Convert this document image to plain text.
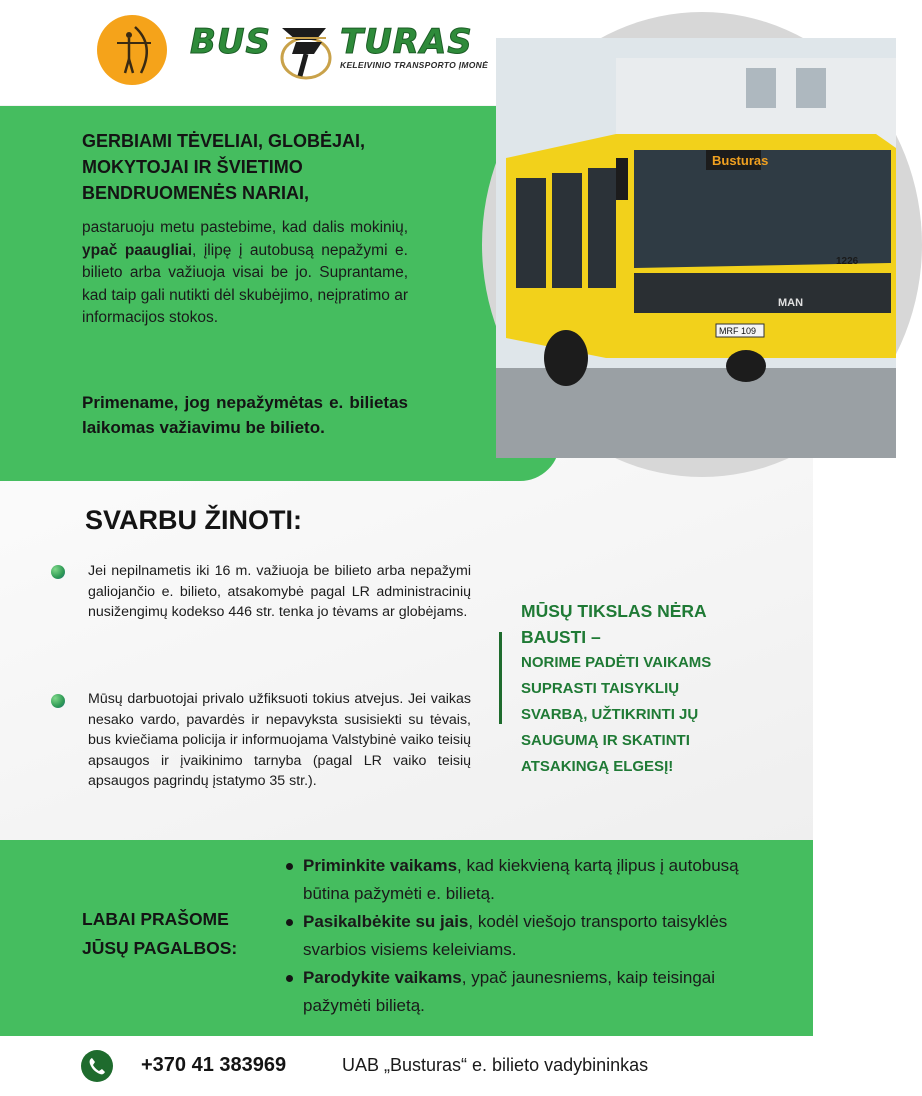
BUS TURAS
KELEIVINIO TRANSPORTO ĮMONĖ
Busturas
MAN
1226
MRF 109
GERBIAMI TĖVELIAI, GLOBĖJAI,
MOKYTOJAI IR ŠVIETIMO
BENDRUOMENĖS NARIAI,
pastaruoju metu pastebime, kad dalis mokinių, ypač paaugliai, įlipę į autobusą nepažymi e. bilieto arba važiuoja visai be jo. Suprantame, kad taip gali nutikti dėl skubėjimo, neįpratimo ar informacijos stokos.
Primename, jog nepažymėtas e. bilietas laikomas važiavimu be bilieto.
SVARBU ŽINOTI:
Jei nepilnametis iki 16 m. važiuoja be bilieto arba nepažymi galiojančio e. bilieto, atsakomybė pagal LR administracinių nusižengimų kodekso 446 str. tenka jo tėvams ar globėjams.
Mūsų darbuotojai privalo užfiksuoti tokius atvejus. Jei vaikas nesako vardo, pavardės ir nepavyksta susisiekti su tėvais, bus kviečiama policija ir informuojama Valstybinė vaiko teisių apsaugos ir įvaikinimo tarnyba (pagal LR vaiko teisių apsaugos pagrindų įstatymo 35 str.).
MŪSŲ TIKSLAS NĖRA
BAUSTI –
NORIME PADĖTI VAIKAMS
SUPRASTI TAISYKLIŲ
SVARBĄ, UŽTIKRINTI JŲ
SAUGUMĄ IR SKATINTI
ATSAKINGĄ ELGESĮ!
LABAI PRAŠOME
JŪSŲ PAGALBOS:
Priminkite vaikams, kad kiekvieną kartą įlipus į autobusą būtina pažymėti e. bilietą.
Pasikalbėkite su jais, kodėl viešojo transporto taisyklės svarbios visiems keleiviams.
Parodykite vaikams, ypač jaunesniems, kaip teisingai pažymėti bilietą.
+370 41 383969	UAB „Busturas“ e. bilieto vadybininkas
